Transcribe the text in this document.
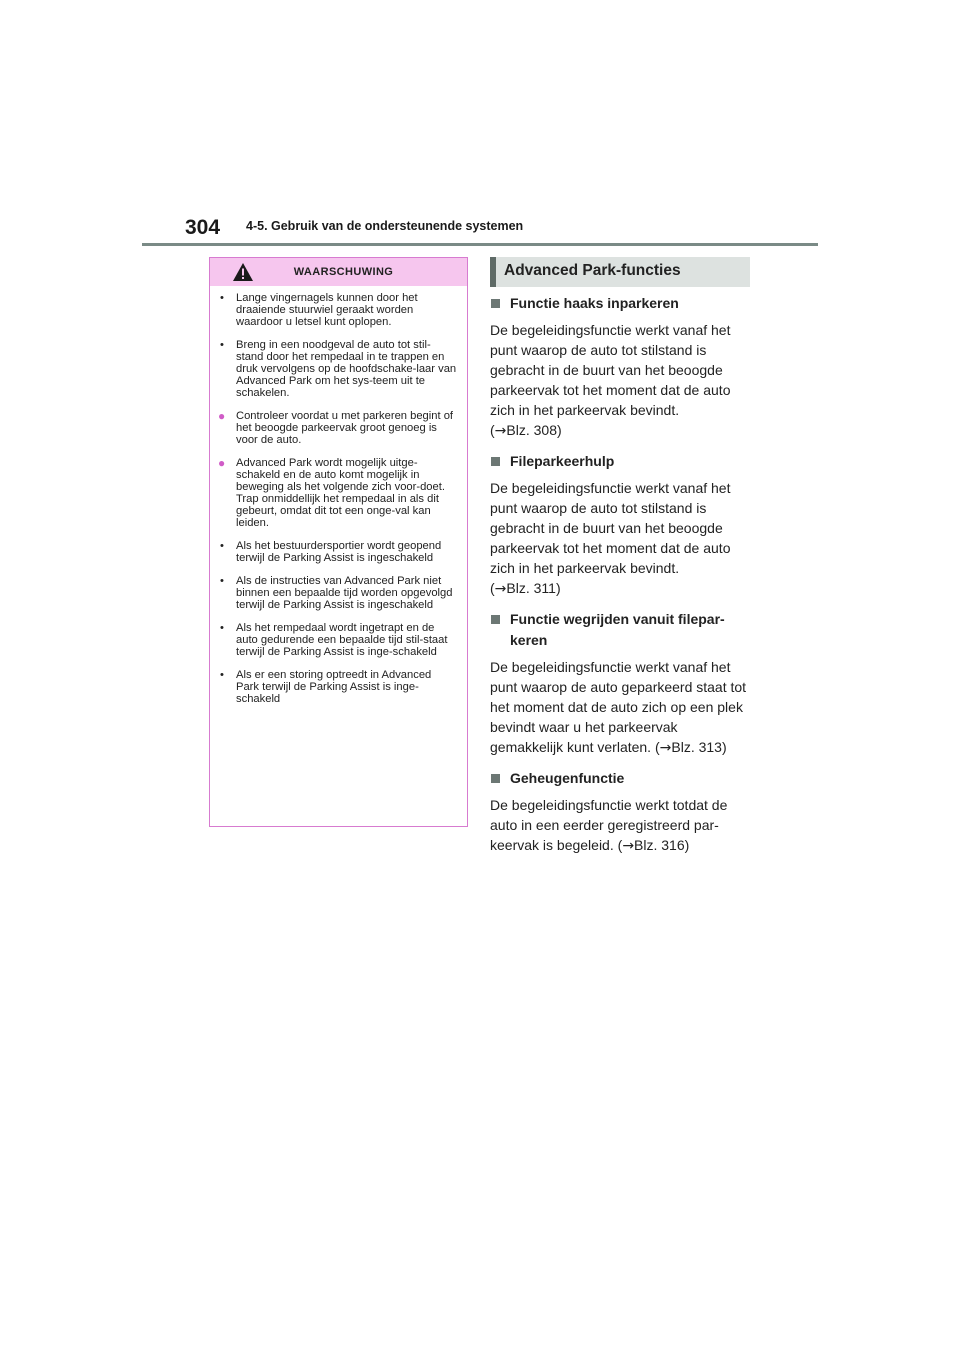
304 4-5. Gebruik van de ondersteunende systemen
WAARSCHUWING
•	Lange vingernagels kunnen door het draaiende stuurwiel geraakt worden waardoor u letsel kunt oplopen.
•	Breng in een noodgeval de auto tot stil-stand door het rempedaal in te trappen en druk vervolgens op de hoofdschake-laar van Advanced Park om het sys-teem uit te schakelen.
● Controleer voordat u met parkeren begint of het beoogde parkeervak groot genoeg is voor de auto.
● Advanced Park wordt mogelijk uitge-schakeld en de auto komt mogelijk in beweging als het volgende zich voor-doet. Trap onmiddellijk het rempedaal in als dit gebeurt, omdat dit tot een onge-val kan leiden.
•	Als het bestuurdersportier wordt geopend terwijl de Parking Assist is ingeschakeld
•	Als de instructies van Advanced Park niet binnen een bepaalde tijd worden opgevolgd terwijl de Parking Assist is ingeschakeld
•	Als het rempedaal wordt ingetrapt en de auto gedurende een bepaalde tijd stil-staat terwijl de Parking Assist is inge-schakeld
•	Als er een storing optreedt in Advanced Park terwijl de Parking Assist is inge-schakeld
Advanced Park-functies
Functie haaks inparkeren

De begeleidingsfunctie werkt vanaf het punt waarop de auto tot stilstand is gebracht in de buurt van het beoogde parkeervak tot het moment dat de auto zich in het parkeervak bevindt.
(→Blz. 308)

Fileparkeerhulp

De begeleidingsfunctie werkt vanaf het punt waarop de auto tot stilstand is gebracht in de buurt van het beoogde parkeervak tot het moment dat de auto zich in het parkeervak bevindt.
(→Blz. 311)

Functie wegrijden vanuit filepar-keren

De begeleidingsfunctie werkt vanaf het punt waarop de auto geparkeerd staat tot het moment dat de auto zich op een plek bevindt waar u het parkeervak gemakkelijk kunt verlaten. (→Blz. 313)

Geheugenfunctie

De begeleidingsfunctie werkt totdat de auto in een eerder geregistreerd par-keervak is begeleid. (→Blz. 316)
